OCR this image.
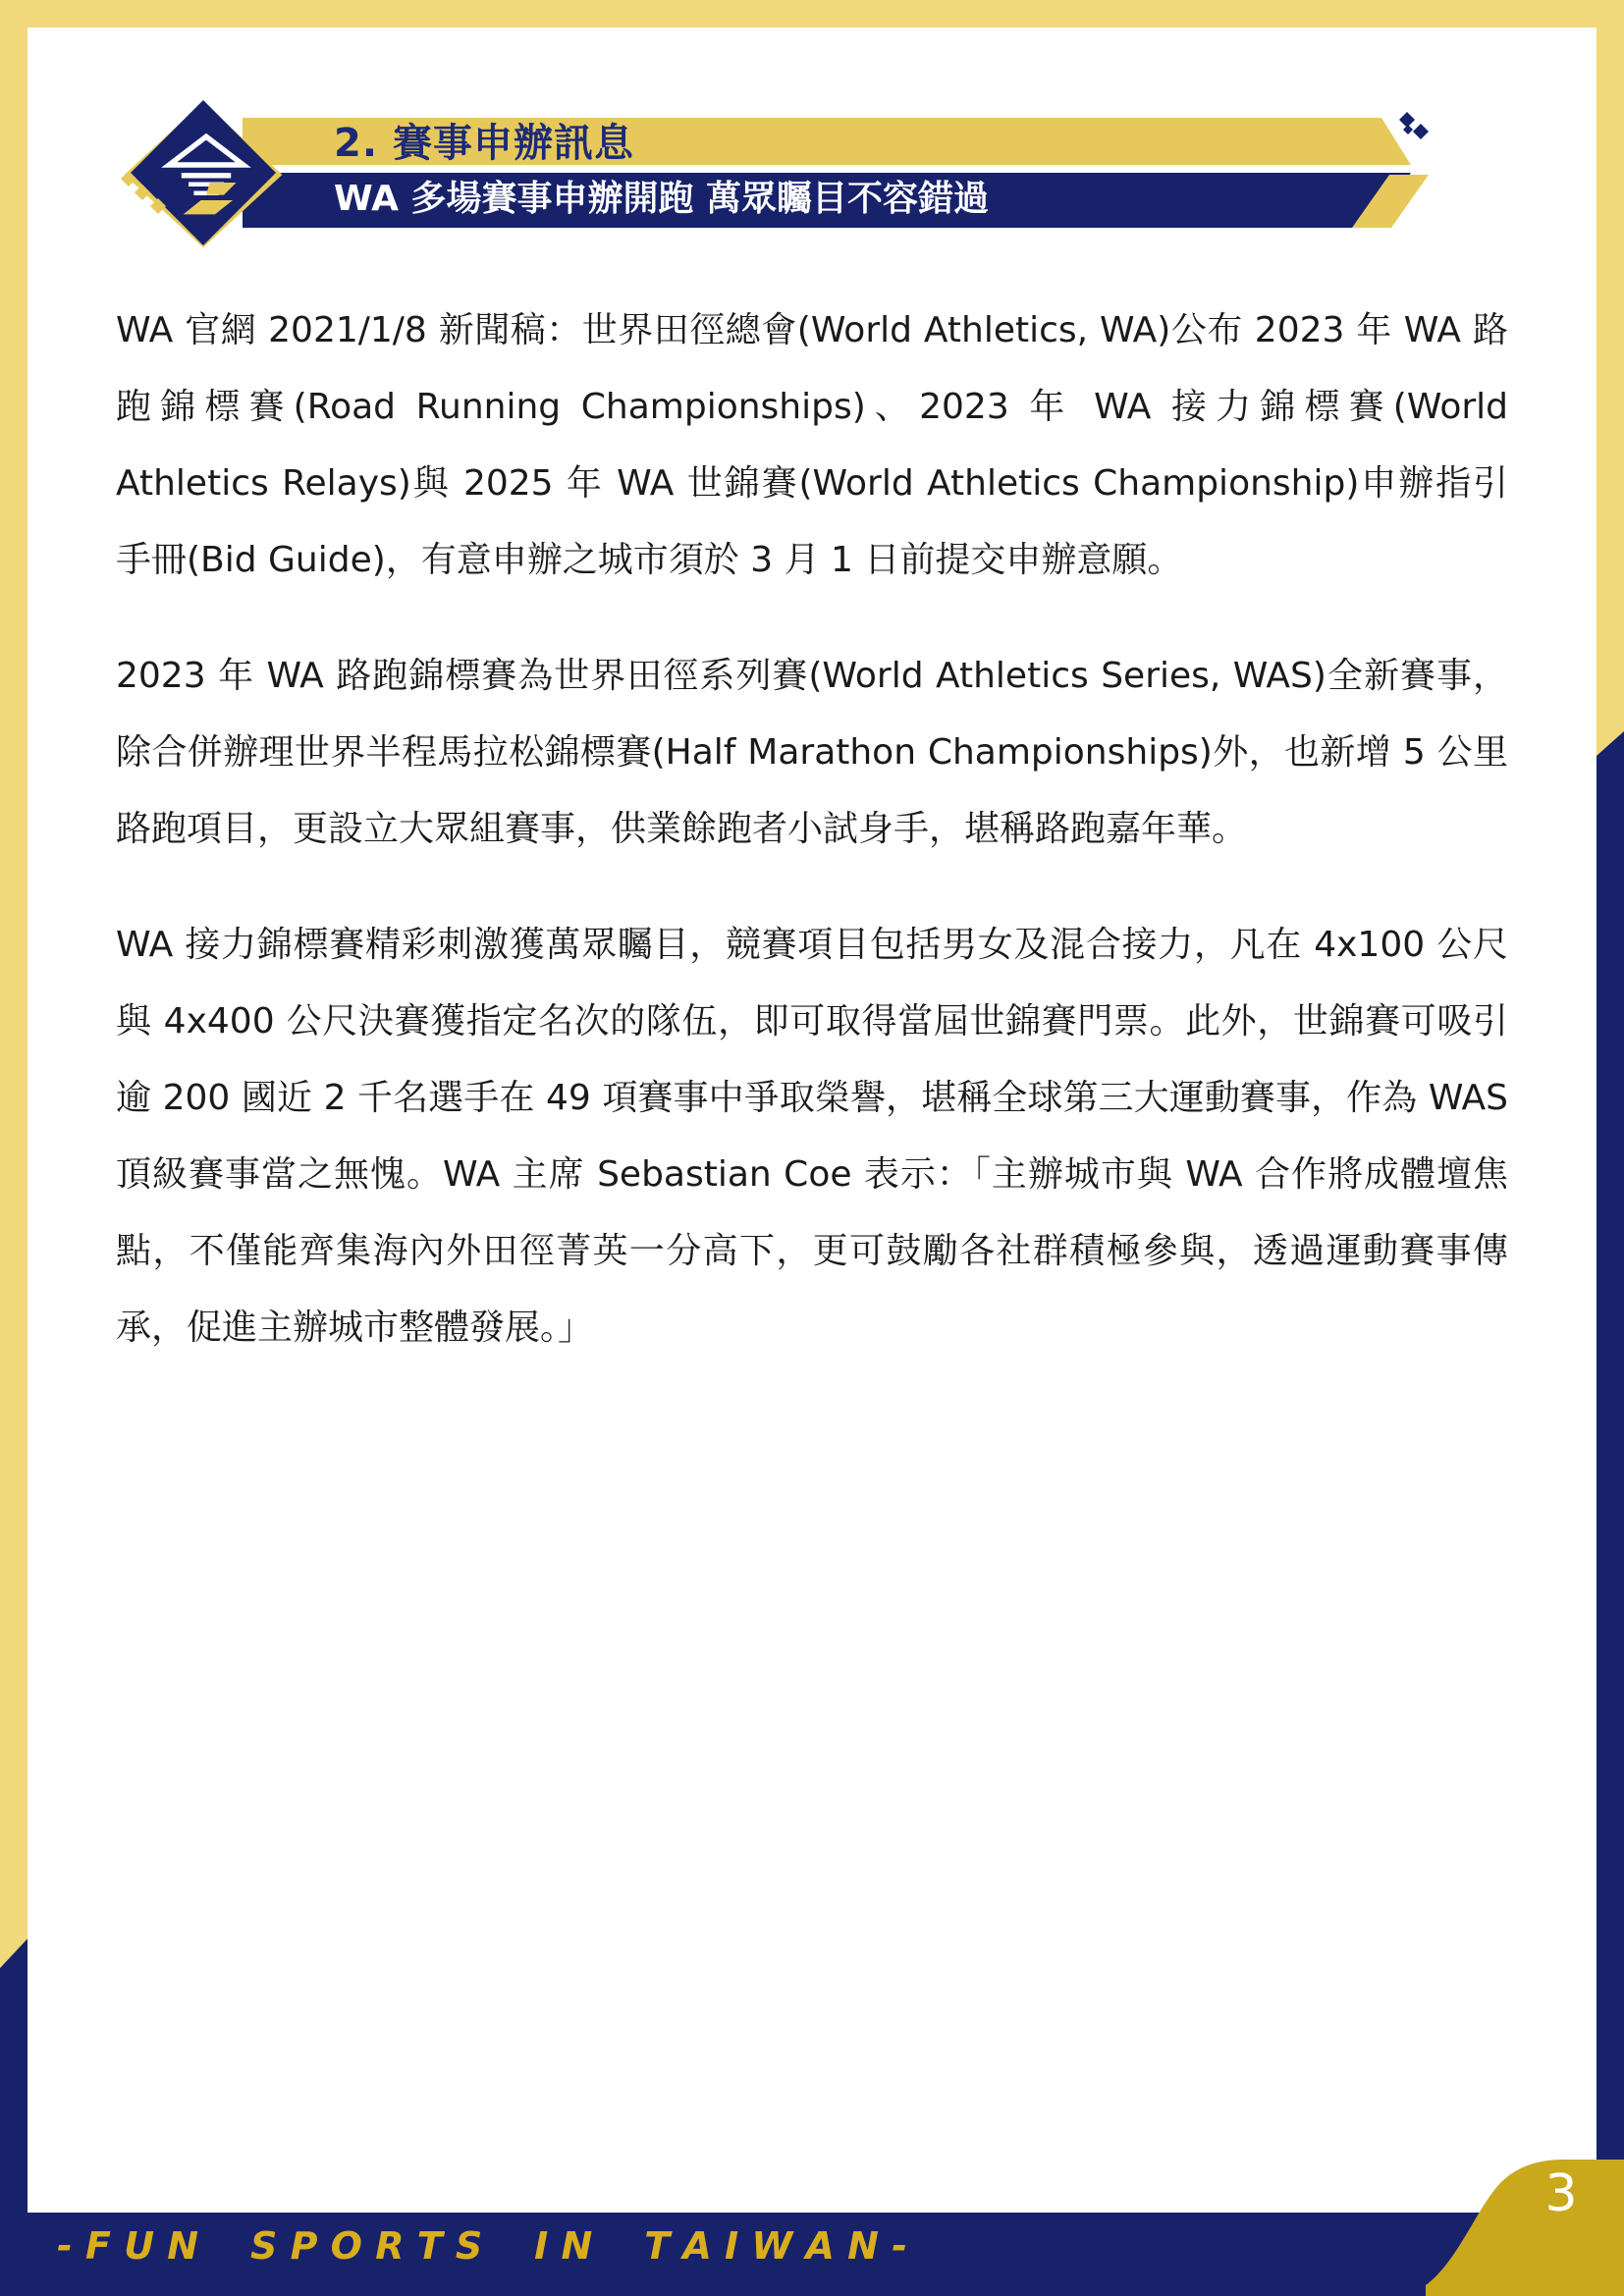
2. 賽事申辦訊息
WA 多場賽事申辦開跑 萬眾矚目不容錯過

WA 官網 2021/1/8 新聞稿：世界田徑總會(World Athletics, WA)公布 2023 年 WA 路跑錦標賽(Road Running Championships)、2023 年 WA 接力錦標賽(World Athletics Relays)與 2025 年 WA 世錦賽(World Athletics Championship)申辦指引手冊(Bid Guide)，有意申辦之城市須於 3 月 1 日前提交申辦意願。

2023 年 WA 路跑錦標賽為世界田徑系列賽(World Athletics Series, WAS)全新賽事，除合併辦理世界半程馬拉松錦標賽(Half Marathon Championships)外，也新增 5 公里路跑項目，更設立大眾組賽事，供業餘跑者小試身手，堪稱路跑嘉年華。

WA 接力錦標賽精彩刺激獲萬眾矚目，競賽項目包括男女及混合接力，凡在 4x100 公尺與 4x400 公尺決賽獲指定名次的隊伍，即可取得當屆世錦賽門票。此外，世錦賽可吸引逾 200 國近 2 千名選手在 49 項賽事中爭取榮譽，堪稱全球第三大運動賽事，作為 WAS 頂級賽事當之無愧。WA 主席 Sebastian Coe 表示：「主辦城市與 WA 合作將成體壇焦點，不僅能齊集海內外田徑菁英一分高下，更可鼓勵各社群積極參與，透過運動賽事傳承，促進主辦城市整體發展。」

- F U N    S P O R T S    I N    T A I W A N -
3
